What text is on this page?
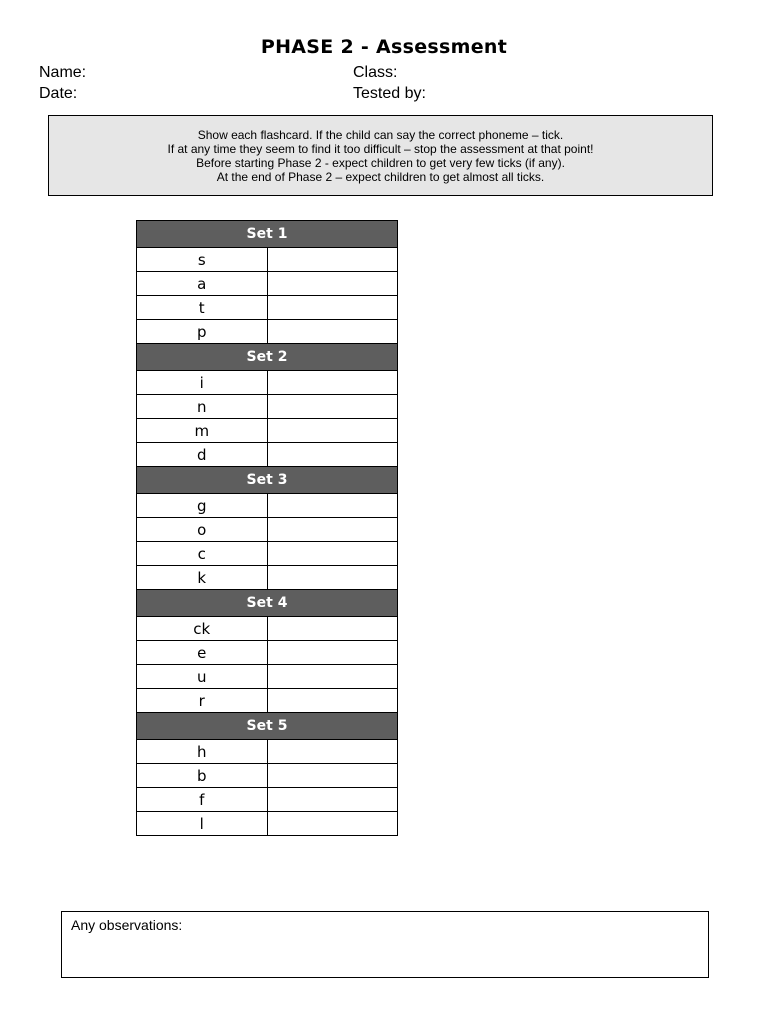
PHASE 2 - Assessment
Name:	Class:
Date:	Tested by:
Show each flashcard. If the child can say the correct phoneme – tick.
If at any time they seem to find it too difficult – stop the assessment at that point!
Before starting Phase 2 - expect children to get very few ticks (if any).
At the end of Phase 2 – expect children to get almost all ticks.
Set 1	
s	
a	
t	
p	
Set 2	
i	
n	
m	
d	
Set 3	
g	
o	
c	
k	
Set 4	
ck	
e	
u	
r	
Set 5	
h	
b	
f	
l	
Any observations:
